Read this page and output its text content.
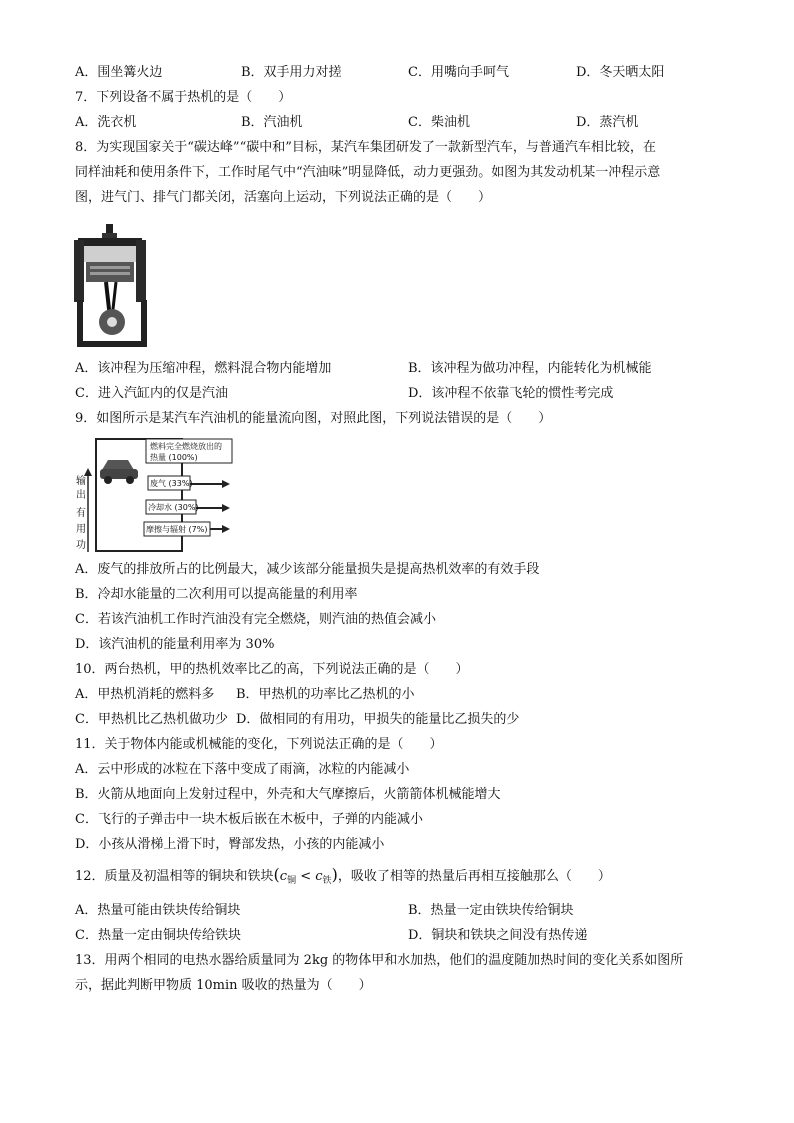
A．围坐篝火边	B．双手用力对搓	C．用嘴向手呵气	D．冬天晒太阳
7．下列设备不属于热机的是（　　）
A．洗衣机	B．汽油机	C．柴油机	D．蒸汽机
8．为实现国家关于“碳达峰”“碳中和”目标，某汽车集团研发了一款新型汽车，与普通汽车相比较，在
同样油耗和使用条件下，工作时尾气中“汽油味”明显降低，动力更强劲。如图为其发动机某一冲程示意
图，进气门、排气门都关闭，活塞向上运动，下列说法正确的是（　　）
A．该冲程为压缩冲程，燃料混合物内能增加	B．该冲程为做功冲程，内能转化为机械能
C．进入汽缸内的仅是汽油	D．该冲程不依靠飞轮的惯性考完成
9．如图所示是某汽车汽油机的能量流向图，对照此图，下列说法错误的是（　　）
燃料完全燃烧放出的
热量 (100%)
废气 (33%)
冷却水 (30%)
摩擦与辐射 (7%)
输
出
有
用
功
A．废气的排放所占的比例最大，减少该部分能量损失是提高热机效率的有效手段
B．冷却水能量的二次利用可以提高能量的利用率
C．若该汽油机工作时汽油没有完全燃烧，则汽油的热值会减小
D．该汽油机的能量利用率为 30%
10．两台热机，甲的热机效率比乙的高，下列说法正确的是（　　）
A．甲热机消耗的燃料多 B．甲热机的功率比乙热机的小
C．甲热机比乙热机做功少 D．做相同的有用功，甲损失的能量比乙损失的少
11．关于物体内能或机械能的变化，下列说法正确的是（　　）
A．云中形成的冰粒在下落中变成了雨滴，冰粒的内能减小
B．火箭从地面向上发射过程中，外壳和大气摩擦后，火箭箭体机械能增大
C．飞行的子弹击中一块木板后嵌在木板中，子弹的内能减小
D．小孩从滑梯上滑下时，臀部发热，小孩的内能减小
12．质量及初温相等的铜块和铁块$(c_铜 < c_铁)$，吸收了相等的热量后再相互接触那么（　　）
A．热量可能由铁块传给铜块	B．热量一定由铁块传给铜块
C．热量一定由铜块传给铁块	D．铜块和铁块之间没有热传递
13．用两个相同的电热水器给质量同为 2kg 的物体甲和水加热，他们的温度随加热时间的变化关系如图所
示，据此判断甲物质 10min 吸收的热量为（　　）
